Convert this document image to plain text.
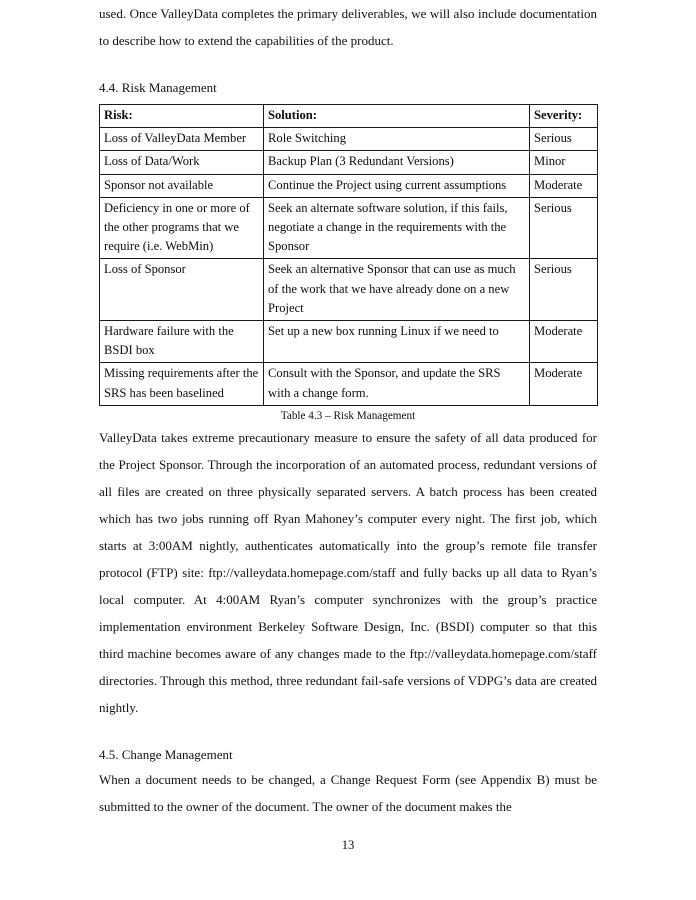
used. Once ValleyData completes the primary deliverables, we will also include documentation to describe how to extend the capabilities of the product.

4.4. Risk Management

Risk:	Solution:	Severity:
Loss of ValleyData Member	Role Switching	Serious
Loss of Data/Work	Backup Plan (3 Redundant Versions)	Minor
Sponsor not available	Continue the Project using current assumptions	Moderate
Deficiency in one or more of the other programs that we require (i.e. WebMin)	Seek an alternate software solution, if this fails, negotiate a change in the requirements with the Sponsor	Serious
Loss of Sponsor	Seek an alternative Sponsor that can use as much of the work that we have already done on a new Project	Serious
Hardware failure with the BSDI box	Set up a new box running Linux if we need to	Moderate
Missing requirements after the SRS has been baselined	Consult with the Sponsor, and update the SRS with a change form.	Moderate

Table 4.3 – Risk Management

ValleyData takes extreme precautionary measure to ensure the safety of all data produced for the Project Sponsor. Through the incorporation of an automated process, redundant versions of all files are created on three physically separated servers. A batch process has been created which has two jobs running off Ryan Mahoney’s computer every night. The first job, which starts at 3:00AM nightly, authenticates automatically into the group’s remote file transfer protocol (FTP) site: ftp://valleydata.homepage.com/staff and fully backs up all data to Ryan’s local computer. At 4:00AM Ryan’s computer synchronizes with the group’s practice implementation environment Berkeley Software Design, Inc. (BSDI) computer so that this third machine becomes aware of any changes made to the ftp://valleydata.homepage.com/staff directories. Through this method, three redundant fail-safe versions of VDPG’s data are created nightly.

4.5. Change Management

When a document needs to be changed, a Change Request Form (see Appendix B) must be submitted to the owner of the document. The owner of the document makes the

13
